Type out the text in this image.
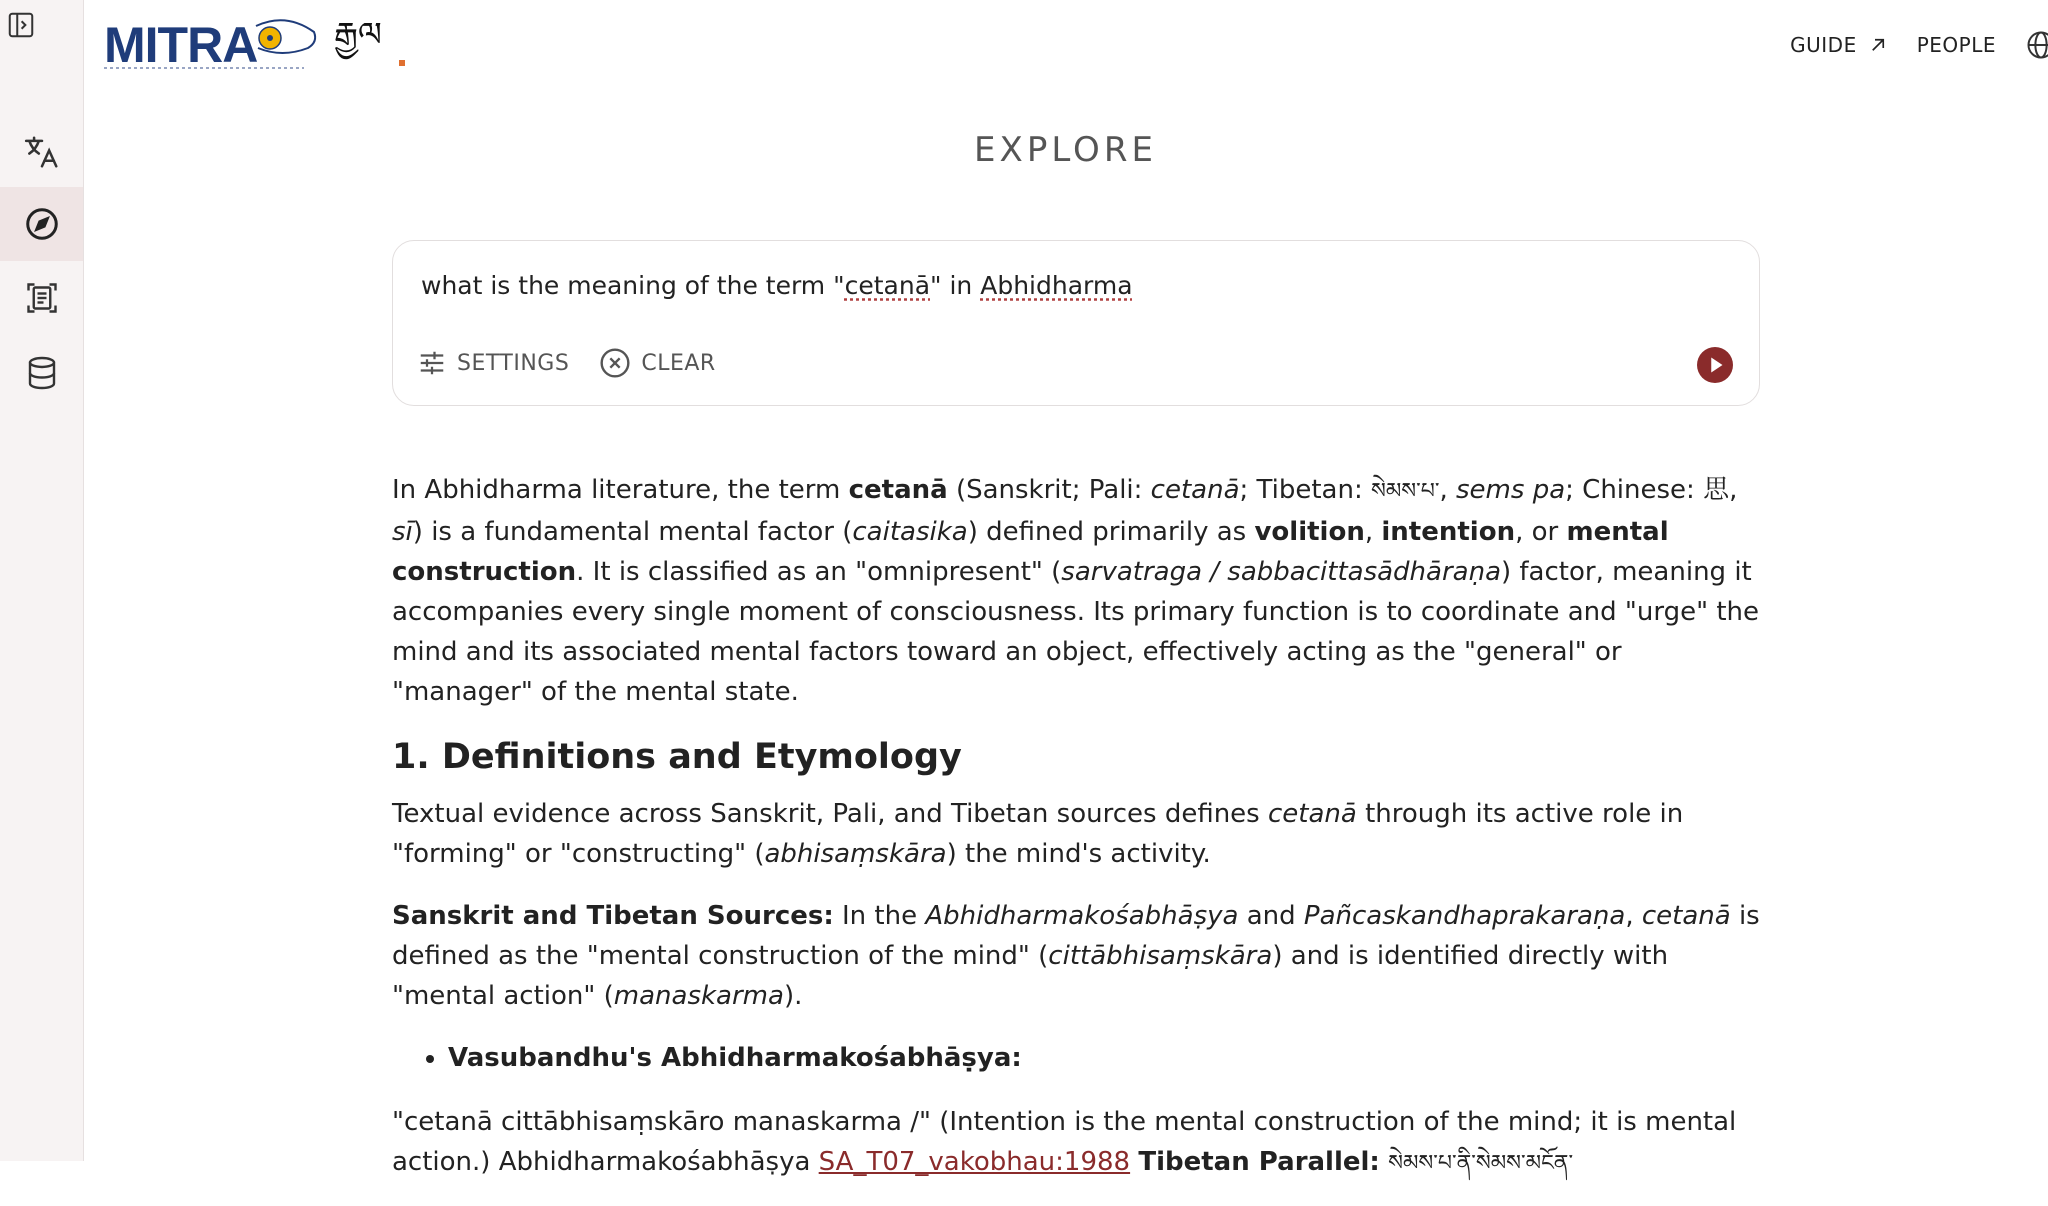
MITRA རྒྱལ	GUIDE	PEOPLE
EXPLORE
what is the meaning of the term "cetanā" in Abhidharma
SETTINGS	CLEAR

In Abhidharma literature, the term cetanā (Sanskrit; Pali: cetanā; Tibetan: སེམས་པ་, sems pa; Chinese: 思, sī) is a fundamental mental factor (caitasika) defined primarily as volition, intention, or mental construction. It is classified as an "omnipresent" (sarvatraga / sabbacittasādhāraṇa) factor, meaning it accompanies every single moment of consciousness. Its primary function is to coordinate and "urge" the mind and its associated mental factors toward an object, effectively acting as the "general" or "manager" of the mental state.

1. Definitions and Etymology

Textual evidence across Sanskrit, Pali, and Tibetan sources defines cetanā through its active role in "forming" or "constructing" (abhisaṃskāra) the mind's activity.

Sanskrit and Tibetan Sources: In the Abhidharmakośabhāṣya and Pañcaskandhaprakaraṇa, cetanā is defined as the "mental construction of the mind" (cittābhisaṃskāra) and is identified directly with "mental action" (manaskarma).

• Vasubandhu's Abhidharmakośabhāṣya:

"cetanā cittābhisaṃskāro manaskarma /" (Intention is the mental construction of the mind; it is mental action.) Abhidharmakośabhāṣya SA_T07_vakobhau:1988 Tibetan Parallel: སེམས་པ་ནི་སེམས་མངོན་
